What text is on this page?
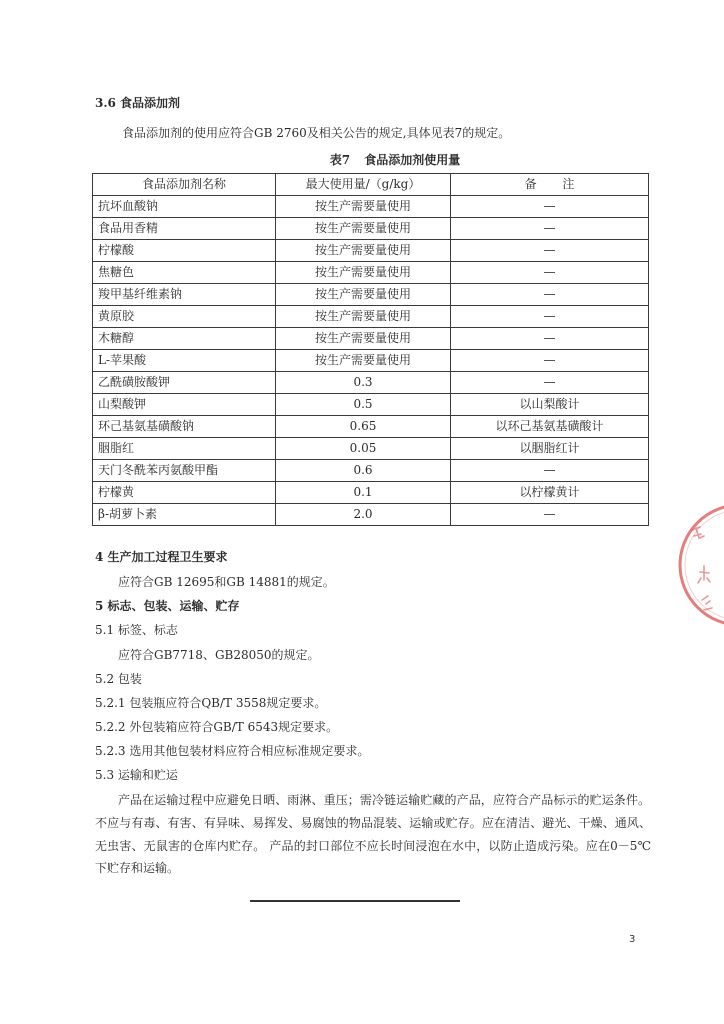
3.6 食品添加剂
食品添加剂的使用应符合GB 2760及相关公告的规定,具体见表7的规定。
表7 食品添加剂使用量
食品添加剂名称	最大使用量/（g/kg）	备 注
抗坏血酸钠	按生产需要量使用	—
食品用香精	按生产需要量使用	—
柠檬酸	按生产需要量使用	—
焦糖色	按生产需要量使用	—
羧甲基纤维素钠	按生产需要量使用	—
黄原胶	按生产需要量使用	—
木糖醇	按生产需要量使用	—
L-苹果酸	按生产需要量使用	—
乙酰磺胺酸钾	0.3	—
山梨酸钾	0.5	以山梨酸计
环己基氨基磺酸钠	0.65	以环己基氨基磺酸计
胭脂红	0.05	以胭脂红计
天门冬酰苯丙氨酸甲酯	0.6	—
柠檬黄	0.1	以柠檬黄计
β-胡萝卜素	2.0	—
4 生产加工过程卫生要求
应符合GB 12695和GB 14881的规定。
5 标志、包装、运输、贮存
5.1 标签、标志
应符合GB7718、GB28050的规定。
5.2 包装
5.2.1 包装瓶应符合QB/T 3558规定要求。
5.2.2 外包装箱应符合GB/T 6543规定要求。
5.2.3 选用其他包装材料应符合相应标准规定要求。
5.3 运输和贮运
产品在运输过程中应避免日晒、雨淋、重压；需冷链运输贮藏的产品，应符合产品标示的贮运条件。
不应与有毒、有害、有异味、易挥发、易腐蚀的物品混装、运输或贮存。应在清洁、避光、干燥、通风、
无虫害、无鼠害的仓库内贮存。 产品的封口部位不应长时间浸泡在水中，以防止造成污染。应在0－5℃
下贮存和运输。
3
